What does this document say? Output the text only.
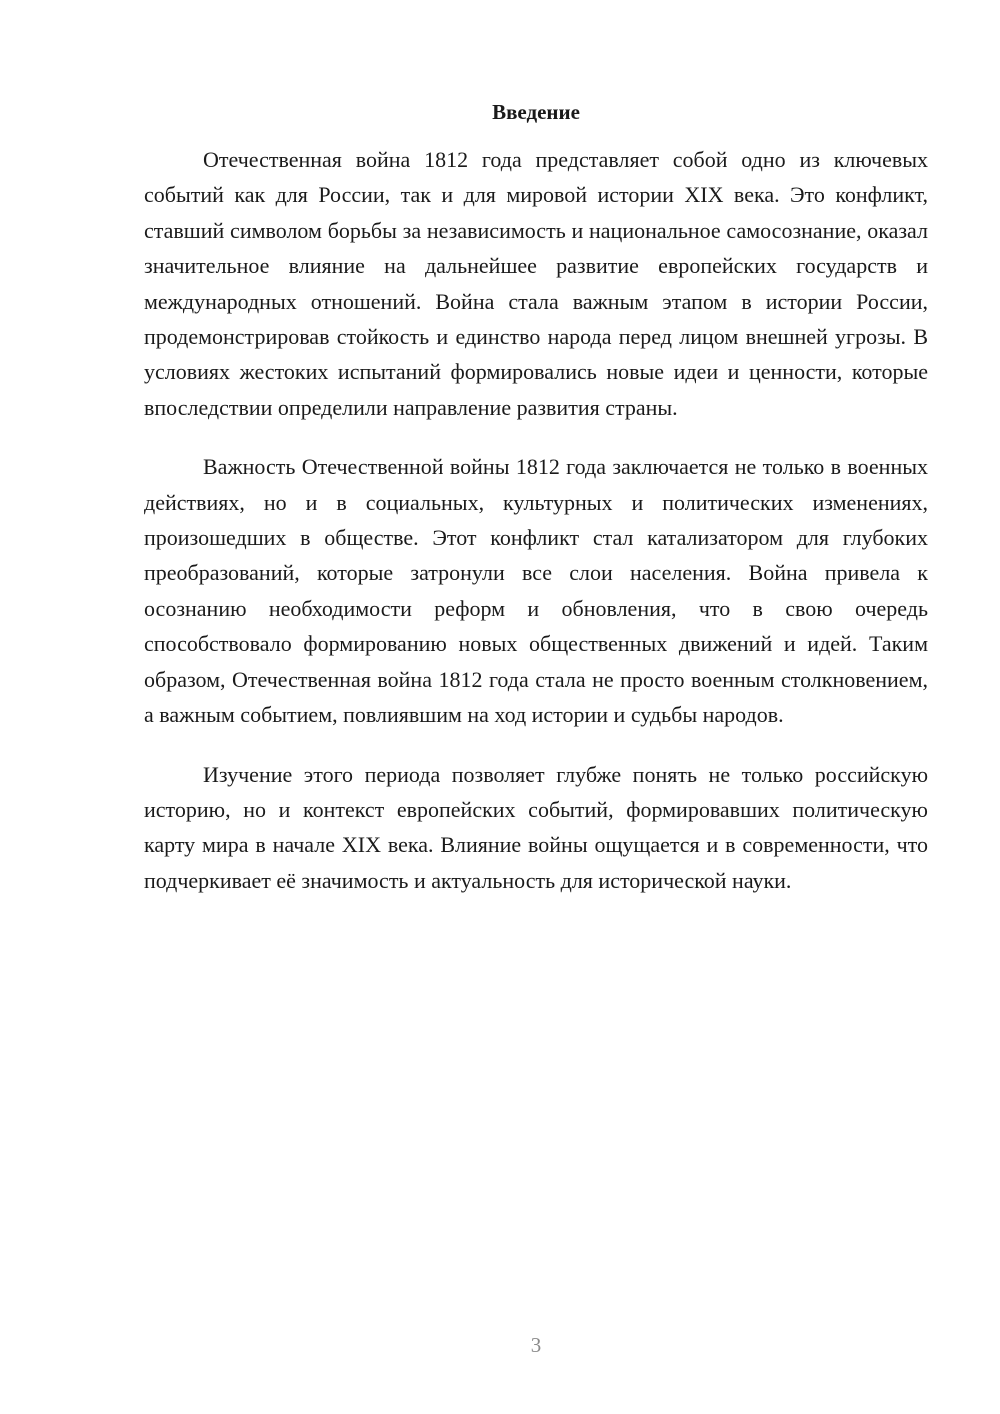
Введение

Отечественная война 1812 года представляет собой одно из ключевых событий как для России, так и для мировой истории XIX века. Это конфликт, ставший символом борьбы за независимость и национальное самосознание, оказал значительное влияние на дальнейшее развитие европейских государств и международных отношений. Война стала важным этапом в истории России, продемонстрировав стойкость и единство народа перед лицом внешней угрозы. В условиях жестоких испытаний формировались новые идеи и ценности, которые впоследствии определили направление развития страны.

Важность Отечественной войны 1812 года заключается не только в военных действиях, но и в социальных, культурных и политических изменениях, произошедших в обществе. Этот конфликт стал катализатором для глубоких преобразований, которые затронули все слои населения. Война привела к осознанию необходимости реформ и обновления, что в свою очередь способствовало формированию новых общественных движений и идей. Таким образом, Отечественная война 1812 года стала не просто военным столкновением, а важным событием, повлиявшим на ход истории и судьбы народов.

Изучение этого периода позволяет глубже понять не только российскую историю, но и контекст европейских событий, формировавших политическую карту мира в начале XIX века. Влияние войны ощущается и в современности, что подчеркивает её значимость и актуальность для исторической науки.

3
